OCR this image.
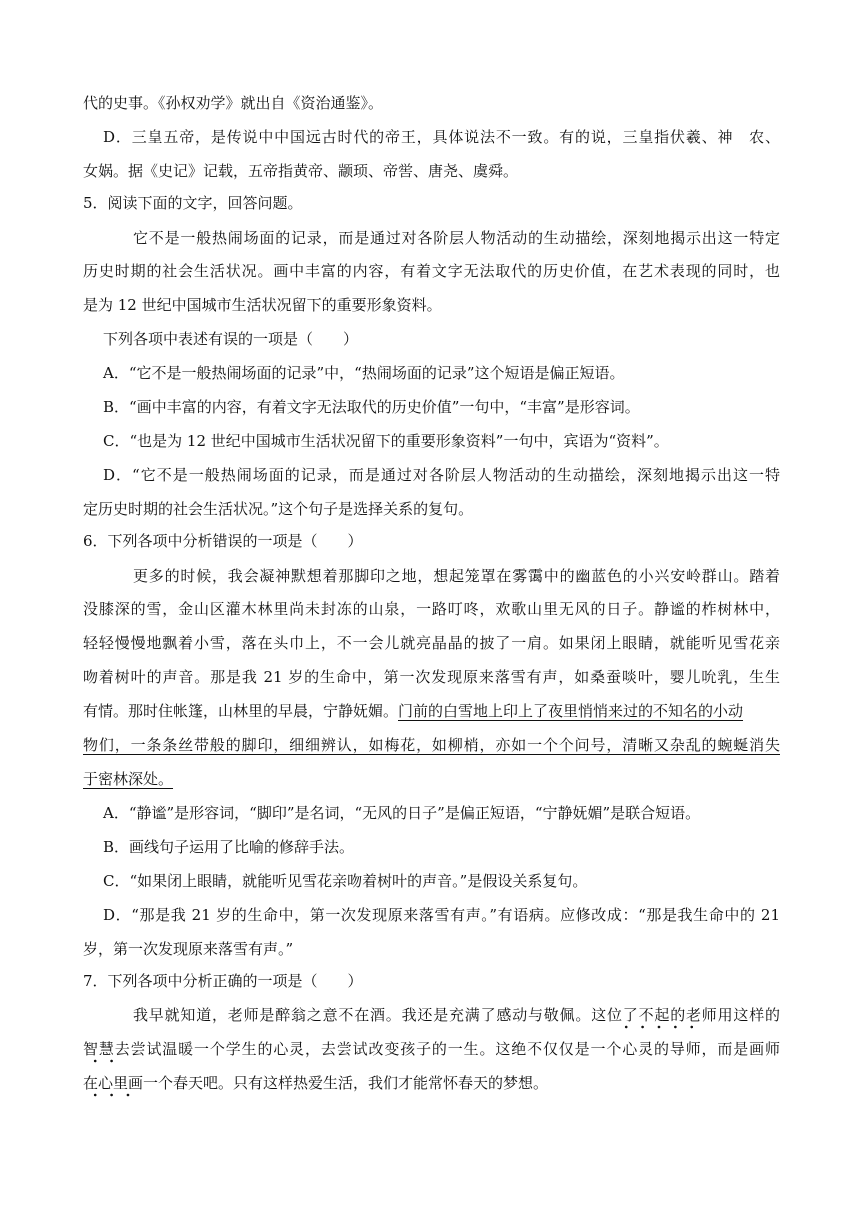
代的史事。《孙权劝学》就出自《资治通鉴》。
D．三皇五帝，是传说中中国远古时代的帝王，具体说法不一致。有的说，三皇指伏羲、神　农、
女娲。据《史记》记载，五帝指黄帝、颛顼、帝喾、唐尧、虞舜。
5．阅读下面的文字，回答问题。
它不是一般热闹场面的记录，而是通过对各阶层人物活动的生动描绘，深刻地揭示出这一特定
历史时期的社会生活状况。画中丰富的内容，有着文字无法取代的历史价值，在艺术表现的同时，也
是为 12 世纪中国城市生活状况留下的重要形象资料。
下列各项中表述有误的一项是（　　）
A．“它不是一般热闹场面的记录”中，“热闹场面的记录”这个短语是偏正短语。
B．“画中丰富的内容，有着文字无法取代的历史价值”一句中，“丰富”是形容词。
C．“也是为 12 世纪中国城市生活状况留下的重要形象资料”一句中，宾语为“资料”。
D．“它不是一般热闹场面的记录，而是通过对各阶层人物活动的生动描绘，深刻地揭示出这一特
定历史时期的社会生活状况。”这个句子是选择关系的复句。
6．下列各项中分析错误的一项是（　　）
更多的时候，我会凝神默想着那脚印之地，想起笼罩在雾霭中的幽蓝色的小兴安岭群山。踏着
没膝深的雪，金山区灌木林里尚未封冻的山泉，一路叮咚，欢歌山里无风的日子。静谧的柞树林中，
轻轻慢慢地飘着小雪，落在头巾上，不一会儿就亮晶晶的披了一肩。如果闭上眼睛，就能听见雪花亲
吻着树叶的声音。那是我 21 岁的生命中，第一次发现原来落雪有声，如桑蚕啖叶，婴儿吮乳，生生
有情。那时住帐篷，山林里的早晨，宁静妩媚。 门前的白雪地上印上了夜里悄悄来过的不知名的小动
物们，一条条丝带般的脚印，细细辨认，如梅花，如柳梢，亦如一个个问号，清晰又杂乱的蜿蜒消失
于密林深处。
A．“静谧”是形容词，“脚印”是名词，“无风的日子”是偏正短语，“宁静妩媚”是联合短语。
B．画线句子运用了比喻的修辞手法。
C．“如果闭上眼睛，就能听见雪花亲吻着树叶的声音。”是假设关系复句。
D．“那是我 21 岁的生命中，第一次发现原来落雪有声。”有语病。应修改成：“那是我生命中的 21
岁，第一次发现原来落雪有声。”
7．下列各项中分析正确的一项是（　　）
我早就知道，老师是醉翁之意不在酒。我还是充满了感动与敬佩。这位了不起的老师用这样的
智慧去尝试温暖一个学生的心灵，去尝试改变孩子的一生。这绝不仅仅是一个心灵的导师，而是画师
在心里画一个春天吧。只有这样热爱生活，我们才能常怀春天的梦想。
